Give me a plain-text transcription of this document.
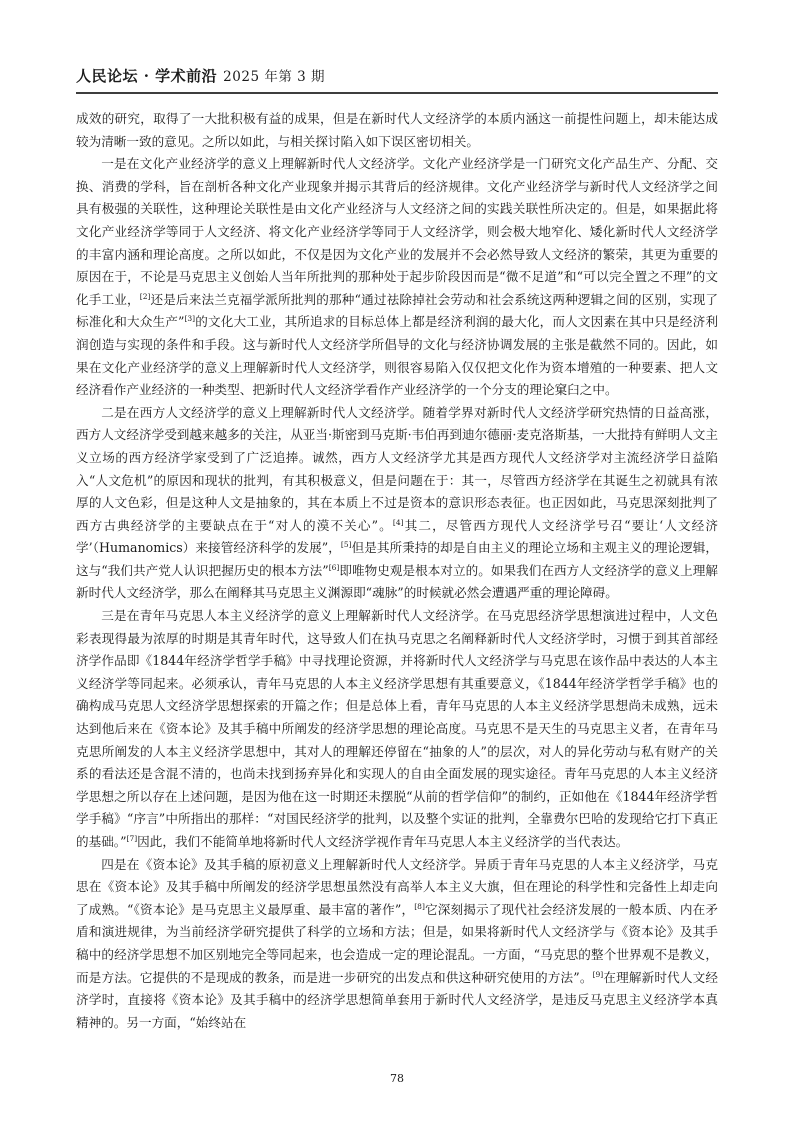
人民论坛 · 学术前沿 2025 年第 3 期

成效的研究，取得了一大批积极有益的成果，但是在新时代人文经济学的本质内涵这一前提性问题上，却未能达成较为清晰一致的意见。之所以如此，与相关探讨陷入如下误区密切相关。

一是在文化产业经济学的意义上理解新时代人文经济学。文化产业经济学是一门研究文化产品生产、分配、交换、消费的学科，旨在剖析各种文化产业现象并揭示其背后的经济规律。文化产业经济学与新时代人文经济学之间具有极强的关联性，这种理论关联性是由文化产业经济与人文经济之间的实践关联性所决定的。但是，如果据此将文化产业经济学等同于人文经济、将文化产业经济学等同于人文经济学，则会极大地窄化、矮化新时代人文经济学的丰富内涵和理论高度。之所以如此，不仅是因为文化产业的发展并不会必然导致人文经济的繁荣，其更为重要的原因在于，不论是马克思主义创始人当年所批判的那种处于起步阶段因而是“微不足道”和“可以完全置之不理”的文化手工业，[2]还是后来法兰克福学派所批判的那种“通过祛除掉社会劳动和社会系统这两种逻辑之间的区别，实现了标准化和大众生产”[3]的文化大工业，其所追求的目标总体上都是经济利润的最大化，而人文因素在其中只是经济利润创造与实现的条件和手段。这与新时代人文经济学所倡导的文化与经济协调发展的主张是截然不同的。因此，如果在文化产业经济学的意义上理解新时代人文经济学，则很容易陷入仅仅把文化作为资本增殖的一种要素、把人文经济看作产业经济的一种类型、把新时代人文经济学看作产业经济学的一个分支的理论窠臼之中。

二是在西方人文经济学的意义上理解新时代人文经济学。随着学界对新时代人文经济学研究热情的日益高涨，西方人文经济学受到越来越多的关注，从亚当·斯密到马克斯·韦伯再到迪尔德丽·麦克洛斯基，一大批持有鲜明人文主义立场的西方经济学家受到了广泛追捧。诚然，西方人文经济学尤其是西方现代人文经济学对主流经济学日益陷入“人文危机”的原因和现状的批判，有其积极意义，但是问题在于：其一，尽管西方经济学在其诞生之初就具有浓厚的人文色彩，但是这种人文是抽象的，其在本质上不过是资本的意识形态表征。也正因如此，马克思深刻批判了西方古典经济学的主要缺点在于“对人的漠不关心”。[4]其二，尽管西方现代人文经济学号召“要让‘人文经济学’（Humanomics）来接管经济科学的发展”，[5]但是其所秉持的却是自由主义的理论立场和主观主义的理论逻辑，这与“我们共产党人认识把握历史的根本方法”[6]即唯物史观是根本对立的。如果我们在西方人文经济学的意义上理解新时代人文经济学，那么在阐释其马克思主义渊源即“魂脉”的时候就必然会遭遇严重的理论障碍。

三是在青年马克思人本主义经济学的意义上理解新时代人文经济学。在马克思经济学思想演进过程中，人文色彩表现得最为浓厚的时期是其青年时代，这导致人们在执马克思之名阐释新时代人文经济学时，习惯于到其首部经济学作品即《1844年经济学哲学手稿》中寻找理论资源，并将新时代人文经济学与马克思在该作品中表达的人本主义经济学等同起来。必须承认，青年马克思的人本主义经济学思想有其重要意义，《1844年经济学哲学手稿》也的确构成马克思人文经济学思想探索的开篇之作；但是总体上看，青年马克思的人本主义经济学思想尚未成熟，远未达到他后来在《资本论》及其手稿中所阐发的经济学思想的理论高度。马克思不是天生的马克思主义者，在青年马克思所阐发的人本主义经济学思想中，其对人的理解还停留在“抽象的人”的层次，对人的异化劳动与私有财产的关系的看法还是含混不清的，也尚未找到扬弃异化和实现人的自由全面发展的现实途径。青年马克思的人本主义经济学思想之所以存在上述问题，是因为他在这一时期还未摆脱“从前的哲学信仰”的制约，正如他在《1844年经济学哲学手稿》“序言”中所指出的那样：“对国民经济学的批判，以及整个实证的批判，全靠费尔巴哈的发现给它打下真正的基础。”[7]因此，我们不能简单地将新时代人文经济学视作青年马克思人本主义经济学的当代表达。

四是在《资本论》及其手稿的原初意义上理解新时代人文经济学。异质于青年马克思的人本主义经济学，马克思在《资本论》及其手稿中所阐发的经济学思想虽然没有高举人本主义大旗，但在理论的科学性和完备性上却走向了成熟。“《资本论》是马克思主义最厚重、最丰富的著作”，[8]它深刻揭示了现代社会经济发展的一般本质、内在矛盾和演进规律，为当前经济学研究提供了科学的立场和方法；但是，如果将新时代人文经济学与《资本论》及其手稿中的经济学思想不加区别地完全等同起来，也会造成一定的理论混乱。一方面，“马克思的整个世界观不是教义，而是方法。它提供的不是现成的教条，而是进一步研究的出发点和供这种研究使用的方法”。[9]在理解新时代人文经济学时，直接将《资本论》及其手稿中的经济学思想简单套用于新时代人文经济学，是违反马克思主义经济学本真精神的。另一方面，“始终站在

78
